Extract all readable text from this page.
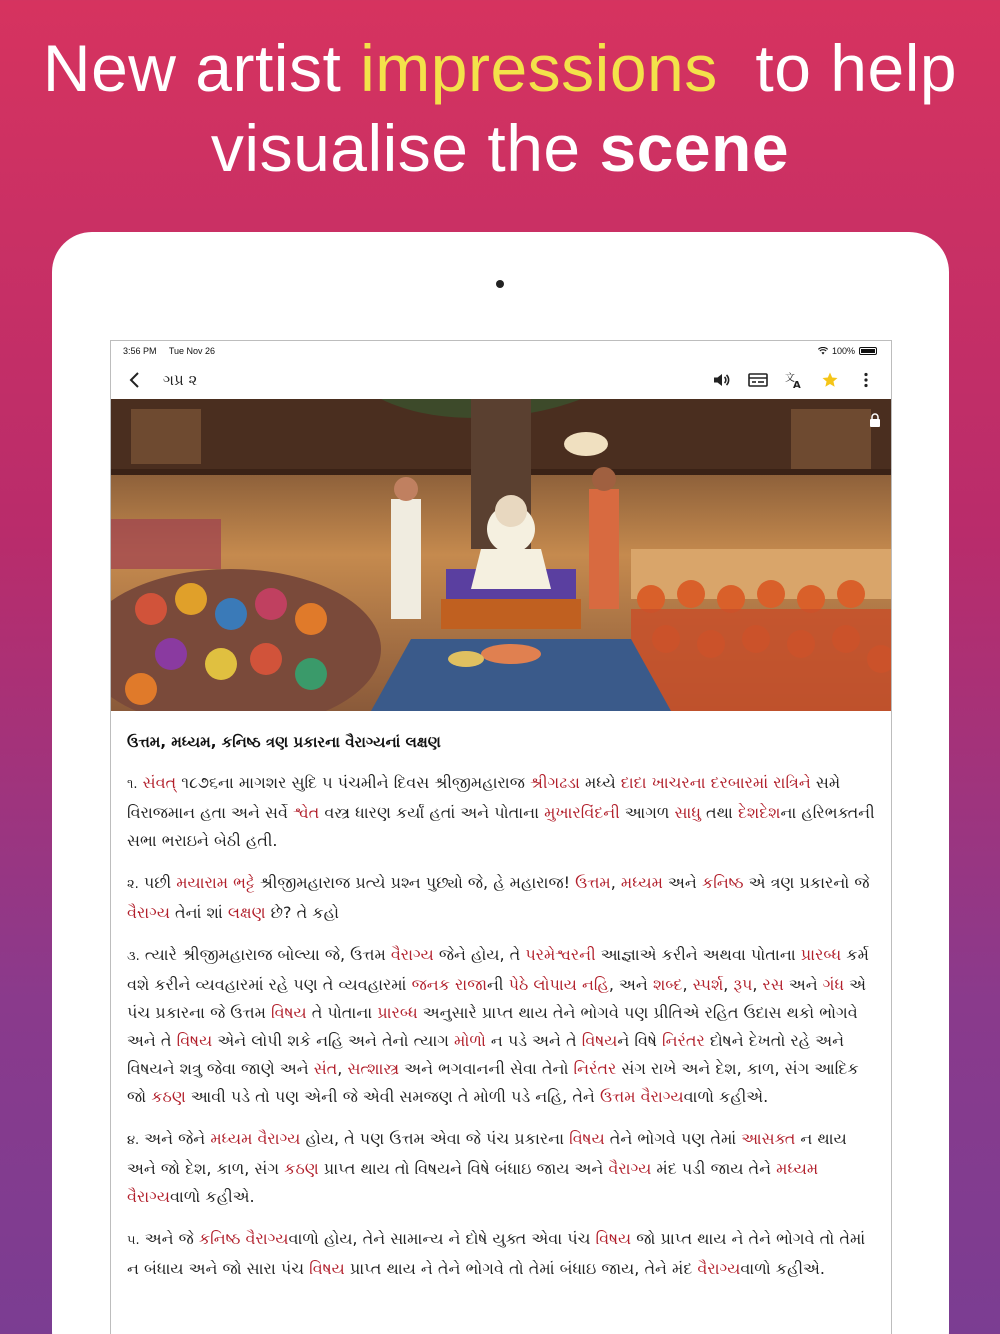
New artist impressions  to help
visualise the scene
3:56 PM Tue Nov 26	100%
ગપ્ર ૨	文
A
ઉત્તમ, મધ્યમ, કનિષ્ઠ ત્રણ પ્રકારના વૈરાગ્યનાં લક્ષણ
૧. સંવત્ ૧૮૭૬ના માગશર સુદિ ૫ પંચમીને દિવસ શ્રીજીમહારાજ શ્રીગઢડા મધ્યે દાદા ખાચરના દરબારમાં રાત્રિને સમે વિરાજમાન હતા અને સર્વે શ્વેત વસ્ત્ર ધારણ કર્યાં હતાં અને પોતાના મુખારવિંદની આગળ સાધુ તથા દેશદેશના હરિભક્તની સભા ભરાઇને બેઠી હતી.
૨. પછી મયારામ ભટ્ટે શ્રીજીમહારાજ પ્રત્યે પ્રશ્ન પુછ્યો જે, હે મહારાજ! ઉત્તમ, મધ્યમ અને કનિષ્ઠ એ ત્રણ પ્રકારનો જે વૈરાગ્ય તેનાં શાં લક્ષણ છે? તે કહો
૩. ત્યારે શ્રીજીમહારાજ બોલ્યા જે, ઉત્તમ વૈરાગ્ય જેને હોય, તે પરમેશ્વરની આજ્ઞાએ કરીને અથવા પોતાના પ્રારબ્ધ કર્મ વશે કરીને વ્યવહારમાં રહે પણ તે વ્યવહારમાં જનક રાજાની પેઠે લોપાય નહિ, અને શબ્દ, સ્પર્શ, રૂપ, રસ અને ગંધ એ પંચ પ્રકારના જે ઉત્તમ વિષય તે પોતાના પ્રારબ્ધ અનુસારે પ્રાપ્ત થાય તેને ભોગવે પણ પ્રીતિએ રહિત ઉદાસ થકો ભોગવે અને તે વિષય એને લોપી શકે નહિ અને તેનો ત્યાગ મોળો ન પડે અને તે વિષયને વિષે નિરંતર દોષને દેખતો રહે અને વિષયને શત્રુ જેવા જાણે અને સંત, સત્શાસ્ત્ર અને ભગવાનની સેવા તેનો નિરંતર સંગ રાખે અને દેશ, કાળ, સંગ આદિક જો કઠણ આવી પડે તો પણ એની જે એવી સમજણ તે મોળી પડે નહિ, તેને ઉત્તમ વૈરાગ્યવાળો કહીએ.
૪. અને જેને મધ્યમ વૈરાગ્ય હોય, તે પણ ઉત્તમ એવા જે પંચ પ્રકારના વિષય તેને ભોગવે પણ તેમાં આસક્ત ન થાય અને જો દેશ, કાળ, સંગ કઠણ પ્રાપ્ત થાય તો વિષયને વિષે બંધાઇ જાય અને વૈરાગ્ય મંદ પડી જાય તેને મધ્યમ વૈરાગ્યવાળો કહીએ.
૫. અને જે કનિષ્ઠ વૈરાગ્યવાળો હોય, તેને સામાન્ય ને દોષે યુક્ત એવા પંચ વિષય જો પ્રાપ્ત થાય ને તેને ભોગવે તો તેમાં ન બંધાય અને જો સારા પંચ વિષય પ્રાપ્ત થાય ને તેને ભોગવે તો તેમાં બંધાઇ જાય, તેને મંદ વૈરાગ્યવાળો કહીએ.
